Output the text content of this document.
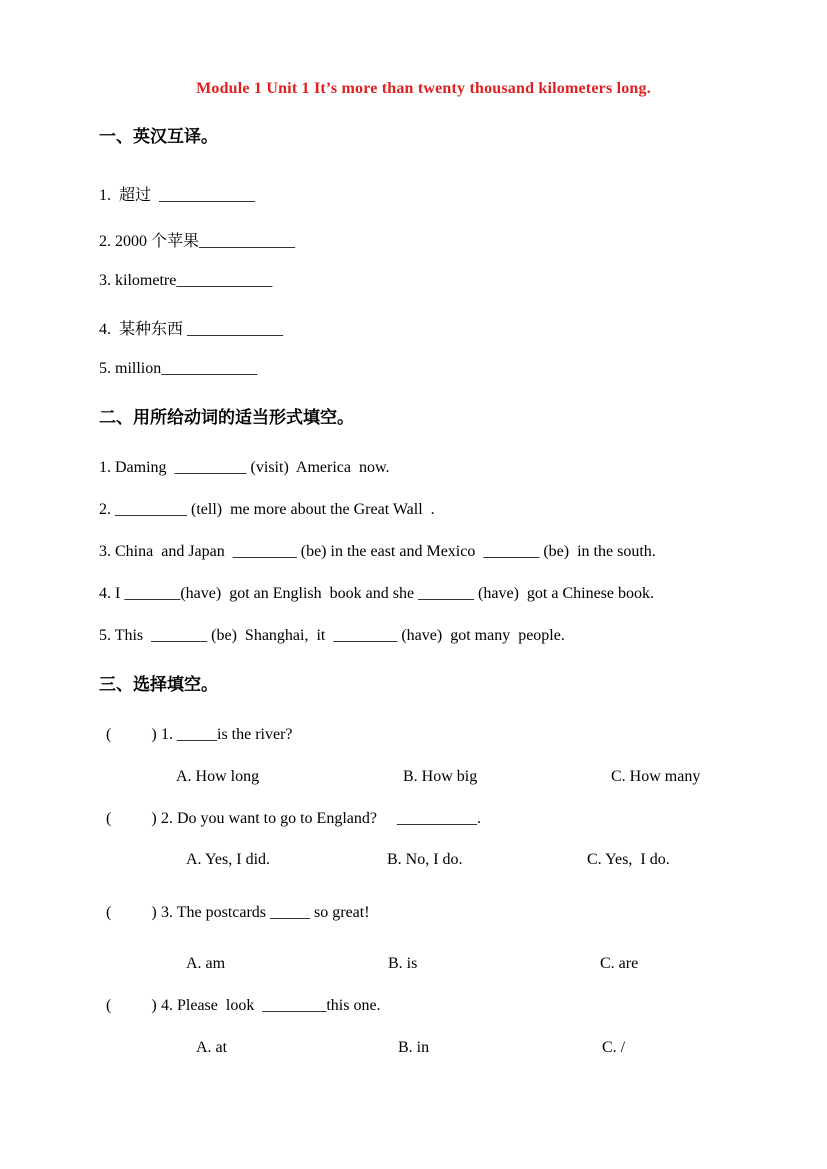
Module 1 Unit 1 It’s more than twenty thousand kilometers long.
一、英汉互译。
1.  超过  ____________
2. 2000 个苹果____________
3. kilometre____________
4.  某种东西 ____________
5. million____________
二、用所给动词的适当形式填空。
1. Daming  _________ (visit)  America  now.
2. _________ (tell)  me more about the Great Wall  .
3. China  and Japan  ________ (be) in the east and Mexico  _______ (be)  in the south.
4. I _______(have)  got an English  book and she _______ (have)  got a Chinese book.
5. This  _______ (be)  Shanghai,  it  ________ (have)  got many  people.
三、选择填空。
(          ) 1. _____is the river?
A. How long	B. How big	C. How many
(          ) 2. Do you want to go to England?     __________.
A. Yes, I did.	B. No, I do.	C. Yes,  I do.
(          ) 3. The postcards _____ so great!
A. am	B. is	C. are
(          ) 4. Please  look  ________this one.
A. at	B. in	C. /
